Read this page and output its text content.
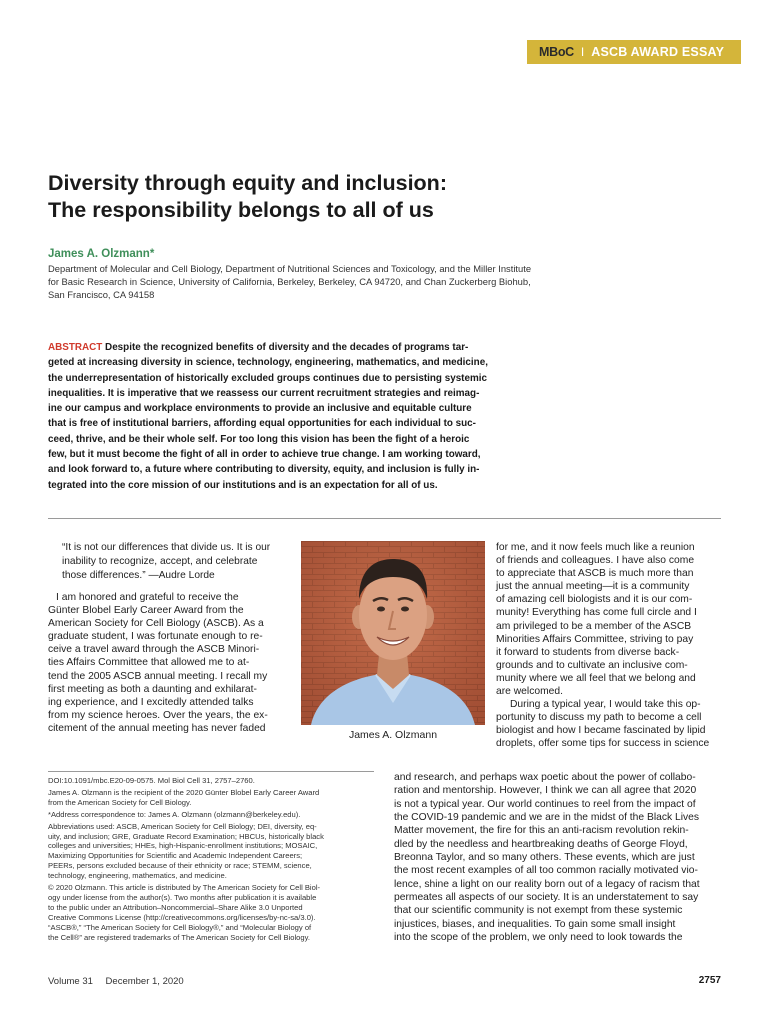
MBoC I ASCB AWARD ESSAY
Diversity through equity and inclusion:
The responsibility belongs to all of us
James A. Olzmann*
Department of Molecular and Cell Biology, Department of Nutritional Sciences and Toxicology, and the Miller Institute
for Basic Research in Science, University of California, Berkeley, Berkeley, CA 94720, and Chan Zuckerberg Biohub,
San Francisco, CA 94158
ABSTRACT Despite the recognized benefits of diversity and the decades of programs tar-
geted at increasing diversity in science, technology, engineering, mathematics, and medicine,
the underrepresentation of historically excluded groups continues due to persisting systemic
inequalities. It is imperative that we reassess our current recruitment strategies and reimag-
ine our campus and workplace environments to provide an inclusive and equitable culture
that is free of institutional barriers, affording equal opportunities for each individual to suc-
ceed, thrive, and be their whole self. For too long this vision has been the fight of a heroic
few, but it must become the fight of all in order to achieve true change. I am working toward,
and look forward to, a future where contributing to diversity, equity, and inclusion is fully in-
tegrated into the core mission of our institutions and is an expectation for all of us.
“It is not our differences that divide us. It is our
inability to recognize, accept, and celebrate
those differences.” —Audre Lorde
I am honored and grateful to receive the
Günter Blobel Early Career Award from the
American Society for Cell Biology (ASCB). As a
graduate student, I was fortunate enough to re-
ceive a travel award through the ASCB Minori-
ties Affairs Committee that allowed me to at-
tend the 2005 ASCB annual meeting. I recall my
first meeting as both a daunting and exhilarat-
ing experience, and I excitedly attended talks
from my science heroes. Over the years, the ex-
citement of the annual meeting has never faded
James A. Olzmann
for me, and it now feels much like a reunion
of friends and colleagues. I have also come
to appreciate that ASCB is much more than
just the annual meeting—it is a community
of amazing cell biologists and it is our com-
munity! Everything has come full circle and I
am privileged to be a member of the ASCB
Minorities Affairs Committee, striving to pay
it forward to students from diverse back-
grounds and to cultivate an inclusive com-
munity where we all feel that we belong and
are welcomed.
During a typical year, I would take this op-
portunity to discuss my path to become a cell
biologist and how I became fascinated by lipid
droplets, offer some tips for success in science
DOI:10.1091/mbc.E20-09-0575. Mol Biol Cell 31, 2757–2760.
James A. Olzmann is the recipient of the 2020 Günter Blobel Early Career Award
from the American Society for Cell Biology.
*Address correspondence to: James A. Olzmann (olzmann@berkeley.edu).
Abbreviations used: ASCB, American Society for Cell Biology; DEI, diversity, eq-
uity, and inclusion; GRE, Graduate Record Examination; HBCUs, historically black
colleges and universities; HHEs, high-Hispanic-enrollment institutions; MOSAIC,
Maximizing Opportunities for Scientific and Academic Independent Careers;
PEERs, persons excluded because of their ethnicity or race; STEMM, science,
technology, engineering, mathematics, and medicine.
© 2020 Olzmann. This article is distributed by The American Society for Cell Biol-
ogy under license from the author(s). Two months after publication it is available
to the public under an Attribution–Noncommercial–Share Alike 3.0 Unported
Creative Commons License (http://creativecommons.org/licenses/by-nc-sa/3.0).
“ASCB®,” “The American Society for Cell Biology®,” and “Molecular Biology of
the Cell®” are registered trademarks of The American Society for Cell Biology.
and research, and perhaps wax poetic about the power of collabo-
ration and mentorship. However, I think we can all agree that 2020
is not a typical year. Our world continues to reel from the impact of
the COVID-19 pandemic and we are in the midst of the Black Lives
Matter movement, the fire for this an anti-racism revolution rekin-
dled by the needless and heartbreaking deaths of George Floyd,
Breonna Taylor, and so many others. These events, which are just
the most recent examples of all too common racially motivated vio-
lence, shine a light on our reality born out of a legacy of racism that
permeates all aspects of our society. It is an understatement to say
that our scientific community is not exempt from these systemic
injustices, biases, and inequalities. To gain some small insight
into the scope of the problem, we only need to look towards the
Volume 31 December 1, 2020	2757
